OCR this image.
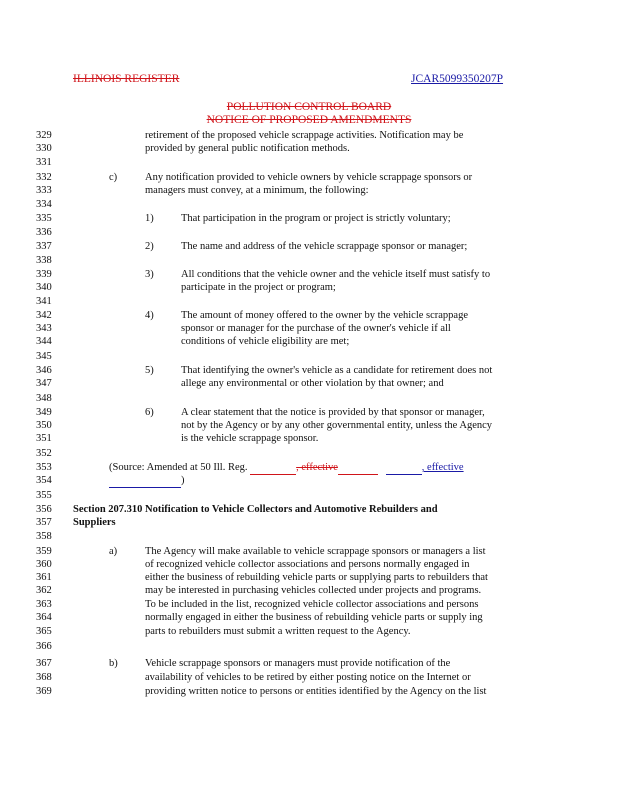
ILLINOIS REGISTER	JCAR5099350207P
POLLUTION CONTROL BOARD
NOTICE OF PROPOSED AMENDMENTS
329
330
331
332
333
334
335
336
337
338
339
340
341
342
343
344
345
346
347
348
349
350
351
352
353
354
355
356
357
358
359
360
361
362
363
364
365
366
367
368
369
retirement of the proposed vehicle scrappage activities. Notification may be
provided by general public notification methods.
c)	Any notification provided to vehicle owners by vehicle scrappage sponsors or
managers must convey, at a minimum, the following:
1)	That participation in the program or project is strictly voluntary;
2)	The name and address of the vehicle scrappage sponsor or manager;
3)	All conditions that the vehicle owner and the vehicle itself must satisfy to
participate in the project or program;
4)	The amount of money offered to the owner by the vehicle scrappage
sponsor or manager for the purchase of the owner's vehicle if all
conditions of vehicle eligibility are met;
5)	That identifying the owner's vehicle as a candidate for retirement does not
allege any environmental or other violation by that owner; and
6)	A clear statement that the notice is provided by that sponsor or manager,
not by the Agency or by any other governmental entity, unless the Agency
is the vehicle scrappage sponsor.
(Source: Amended at 50 Ill. Reg.	, effective	, effective
)
Section 207.310 Notification to Vehicle Collectors and Automotive Rebuilders and
Suppliers
a)	The Agency will make available to vehicle scrappage sponsors or managers a list
of recognized vehicle collector associations and persons normally engaged in
either the business of rebuilding vehicle parts or supplying parts to rebuilders that
may be interested in purchasing vehicles collected under projects and programs.
To be included in the list, recognized vehicle collector associations and persons
normally engaged in either the business of rebuilding vehicle parts or supply ing
parts to rebuilders must submit a written request to the Agency.
b)	Vehicle scrappage sponsors or managers must provide notification of the
availability of vehicles to be retired by either posting notice on the Internet or
providing written notice to persons or entities identified by the Agency on the list
